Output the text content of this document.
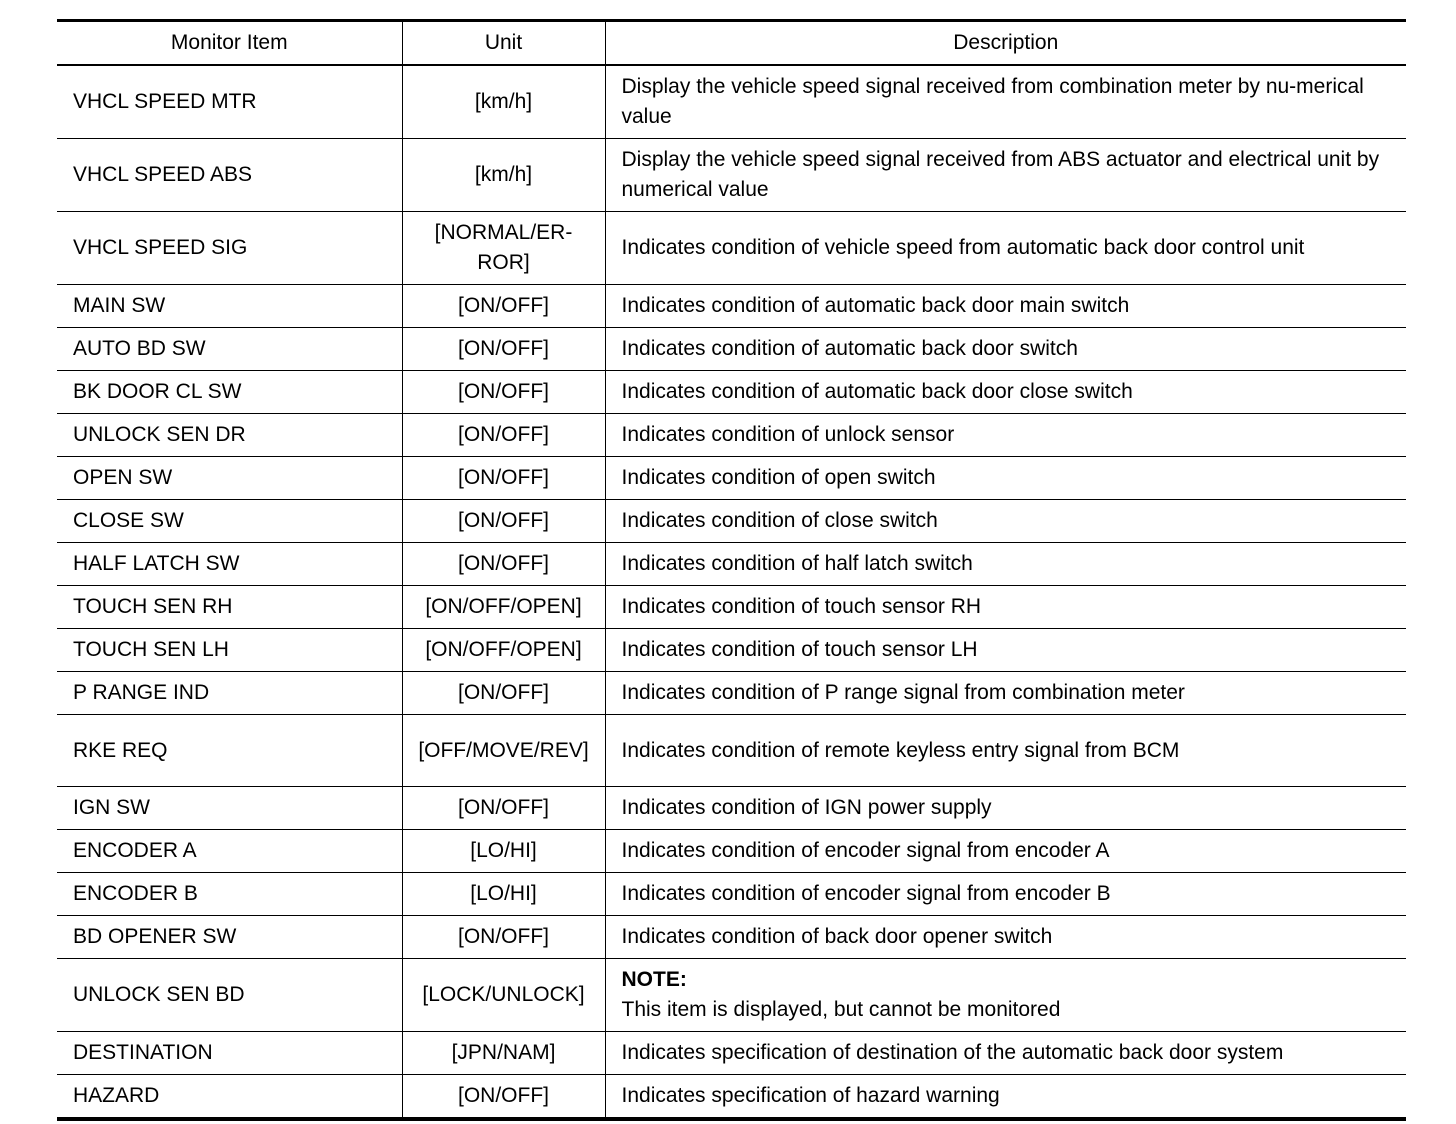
Monitor Item	Unit	Description
VHCL SPEED MTR	[km/h]	Display the vehicle speed signal received from combination meter by nu-merical value
VHCL SPEED ABS	[km/h]	Display the vehicle speed signal received from ABS actuator and electrical unit by numerical value
VHCL SPEED SIG	[NORMAL/ER-ROR]	Indicates condition of vehicle speed from automatic back door control unit
MAIN SW	[ON/OFF]	Indicates condition of automatic back door main switch
AUTO BD SW	[ON/OFF]	Indicates condition of automatic back door switch
BK DOOR CL SW	[ON/OFF]	Indicates condition of automatic back door close switch
UNLOCK SEN DR	[ON/OFF]	Indicates condition of unlock sensor
OPEN SW	[ON/OFF]	Indicates condition of open switch
CLOSE SW	[ON/OFF]	Indicates condition of close switch
HALF LATCH SW	[ON/OFF]	Indicates condition of half latch switch
TOUCH SEN RH	[ON/OFF/OPEN]	Indicates condition of touch sensor RH
TOUCH SEN LH	[ON/OFF/OPEN]	Indicates condition of touch sensor LH
P RANGE IND	[ON/OFF]	Indicates condition of P range signal from combination meter
RKE REQ	[OFF/MOVE/REV]	Indicates condition of remote keyless entry signal from BCM
IGN SW	[ON/OFF]	Indicates condition of IGN power supply
ENCODER A	[LO/HI]	Indicates condition of encoder signal from encoder A
ENCODER B	[LO/HI]	Indicates condition of encoder signal from encoder B
BD OPENER SW	[ON/OFF]	Indicates condition of back door opener switch
UNLOCK SEN BD	[LOCK/UNLOCK]	NOTE:
This item is displayed, but cannot be monitored
DESTINATION	[JPN/NAM]	Indicates specification of destination of the automatic back door system
HAZARD	[ON/OFF]	Indicates specification of hazard warning
